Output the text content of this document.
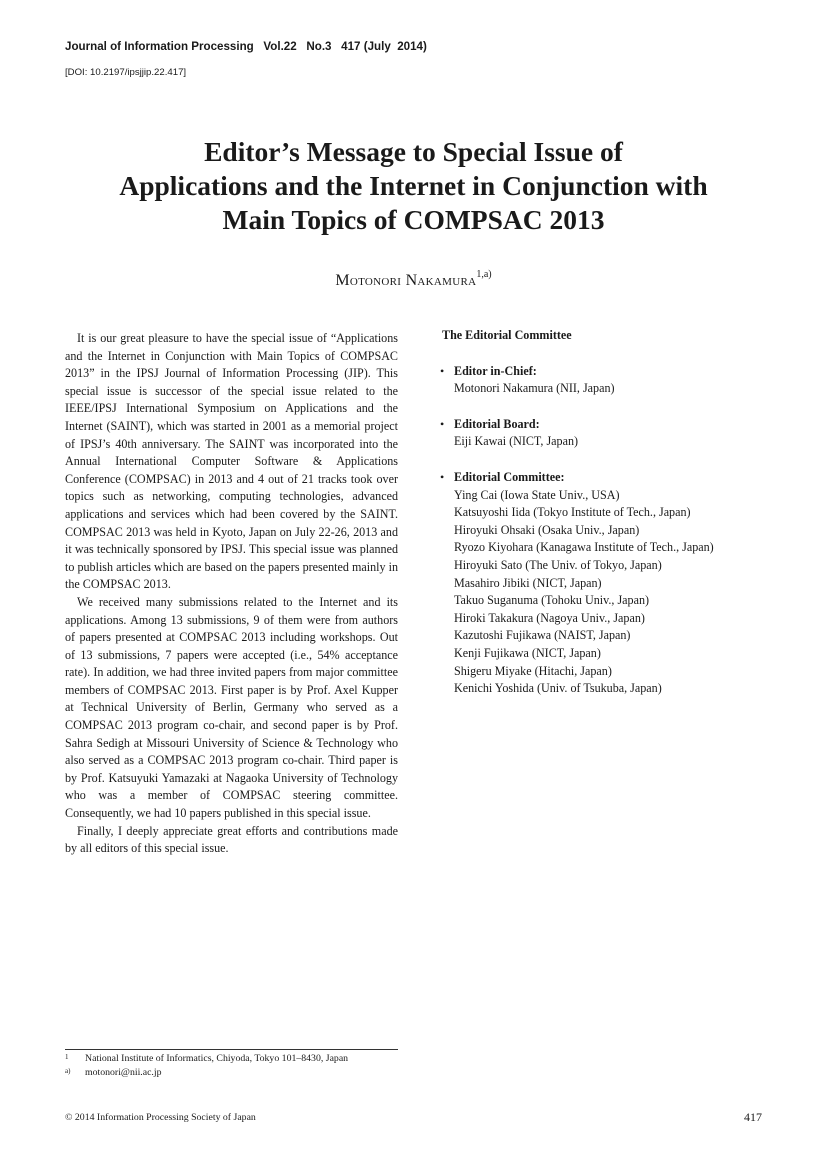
Journal of Information Processing   Vol.22   No.3   417 (July  2014)
[DOI: 10.2197/ipsjjip.22.417]
Editor’s Message to Special Issue of
Applications and the Internet in Conjunction with
Main Topics of COMPSAC 2013
Motonori Nakamura$^{1,a)}$

It is our great pleasure to have the special issue of “Applications and the Internet in Conjunction with Main Topics of COMPSAC 2013” in the IPSJ Journal of Information Processing (JIP). This special issue is successor of the special issue related to the IEEE/IPSJ International Symposium on Applications and the Internet (SAINT), which was started in 2001 as a memorial project of IPSJ’s 40th anniversary. The SAINT was incorporated into the Annual International Computer Software & Applications Conference (COMPSAC) in 2013 and 4 out of 21 tracks took over topics such as networking, computing technologies, advanced applications and services which had been covered by the SAINT. COMPSAC 2013 was held in Kyoto, Japan on July 22-26, 2013 and it was technically sponsored by IPSJ. This special issue was planned to publish articles which are based on the papers presented mainly in the COMPSAC 2013.

We received many submissions related to the Internet and its applications. Among 13 submissions, 9 of them were from authors of papers presented at COMPSAC 2013 including workshops. Out of 13 submissions, 7 papers were accepted (i.e., 54% acceptance rate). In addition, we had three invited papers from major committee members of COMPSAC 2013. First paper is by Prof. Axel Kupper at Technical University of Berlin, Germany who served as a COMPSAC 2013 program co-chair, and second paper is by Prof. Sahra Sedigh at Missouri University of Science & Technology who also served as a COMPSAC 2013 program co-chair. Third paper is by Prof. Katsuyuki Yamazaki at Nagaoka University of Technology who was a member of COMPSAC steering committee. Consequently, we had 10 papers published in this special issue.

Finally, I deeply appreciate great efforts and contributions made by all editors of this special issue.

The Editorial Committee
• Editor in-Chief:
Motonori Nakamura (NII, Japan)
• Editorial Board:
Eiji Kawai (NICT, Japan)
• Editorial Committee:
Ying Cai (Iowa State Univ., USA)
Katsuyoshi Iida (Tokyo Institute of Tech., Japan)
Hiroyuki Ohsaki (Osaka Univ., Japan)
Ryozo Kiyohara (Kanagawa Institute of Tech., Japan)
Hiroyuki Sato (The Univ. of Tokyo, Japan)
Masahiro Jibiki (NICT, Japan)
Takuo Suganuma (Tohoku Univ., Japan)
Hiroki Takakura (Nagoya Univ., Japan)
Kazutoshi Fujikawa (NAIST, Japan)
Kenji Fujikawa (NICT, Japan)
Shigeru Miyake (Hitachi, Japan)
Kenichi Yoshida (Univ. of Tsukuba, Japan)
1 National Institute of Informatics, Chiyoda, Tokyo 101–8430, Japan
a) motonori@nii.ac.jp
© 2014 Information Processing Society of Japan	417
